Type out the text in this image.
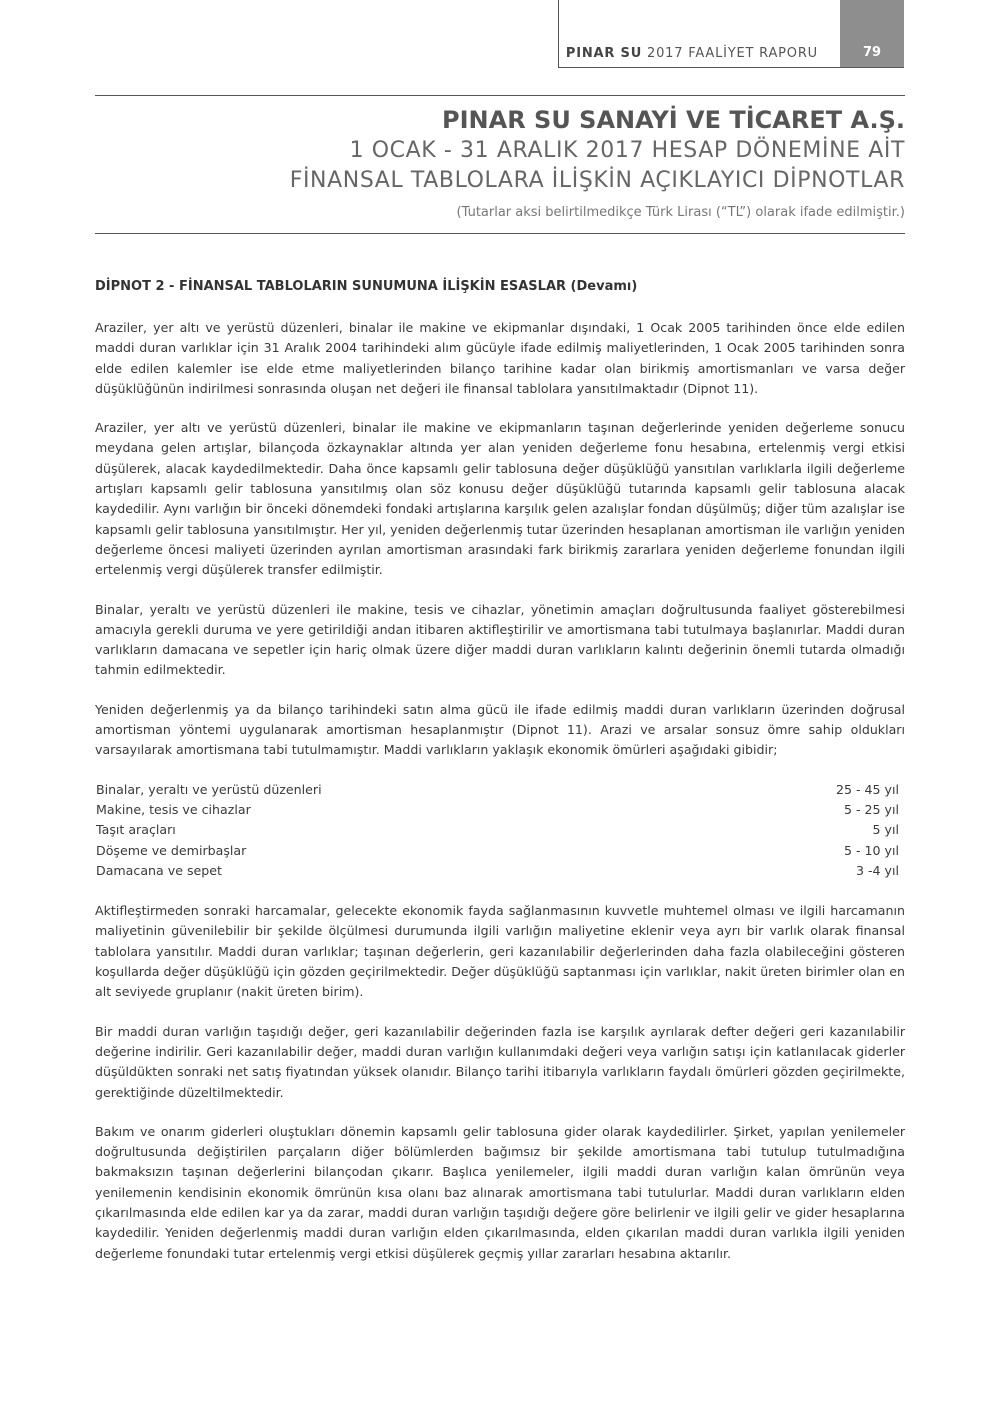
PINAR SU 2017 FAALİYET RAPORU	79
PINAR SU SANAYİ VE TİCARET A.Ş.
1 OCAK - 31 ARALIK 2017 HESAP DÖNEMİNE AİT
FİNANSAL TABLOLARA İLİŞKİN AÇIKLAYICI DİPNOTLAR
(Tutarlar aksi belirtilmedikçe Türk Lirası (“TL”) olarak ifade edilmiştir.)
DİPNOT 2 - FİNANSAL TABLOLARIN SUNUMUNA İLİŞKİN ESASLAR (Devamı)

Araziler, yer altı ve yerüstü düzenleri, binalar ile makine ve ekipmanlar dışındaki, 1 Ocak 2005 tarihinden önce elde edilen maddi duran varlıklar için 31 Aralık 2004 tarihindeki alım gücüyle ifade edilmiş maliyetlerinden, 1 Ocak 2005 tarihinden sonra elde edilen kalemler ise elde etme maliyetlerinden bilanço tarihine kadar olan birikmiş amortismanları ve varsa değer düşüklüğünün indirilmesi sonrasında oluşan net değeri ile finansal tablolara yansıtılmaktadır (Dipnot 11).

Araziler, yer altı ve yerüstü düzenleri, binalar ile makine ve ekipmanların taşınan değerlerinde yeniden değerleme sonucu meydana gelen artışlar, bilançoda özkaynaklar altında yer alan yeniden değerleme fonu hesabına, ertelenmiş vergi etkisi düşülerek, alacak kaydedilmektedir. Daha önce kapsamlı gelir tablosuna değer düşüklüğü yansıtılan varlıklarla ilgili değerleme artışları kapsamlı gelir tablosuna yansıtılmış olan söz konusu değer düşüklüğü tutarında kapsamlı gelir tablosuna alacak kaydedilir. Aynı varlığın bir önceki dönemdeki fondaki artışlarına karşılık gelen azalışlar fondan düşülmüş; diğer tüm azalışlar ise kapsamlı gelir tablosuna yansıtılmıştır. Her yıl, yeniden değerlenmiş tutar üzerinden hesaplanan amortisman ile varlığın yeniden değerleme öncesi maliyeti üzerinden ayrılan amortisman arasındaki fark birikmiş zararlara yeniden değerleme fonundan ilgili ertelenmiş vergi düşülerek transfer edilmiştir.

Binalar, yeraltı ve yerüstü düzenleri ile makine, tesis ve cihazlar, yönetimin amaçları doğrultusunda faaliyet gösterebilmesi amacıyla gerekli duruma ve yere getirildiği andan itibaren aktifleştirilir ve amortismana tabi tutulmaya başlanırlar. Maddi duran varlıkların damacana ve sepetler için hariç olmak üzere diğer maddi duran varlıkların kalıntı değerinin önemli tutarda olmadığı tahmin edilmektedir.

Yeniden değerlenmiş ya da bilanço tarihindeki satın alma gücü ile ifade edilmiş maddi duran varlıkların üzerinden doğrusal amortisman yöntemi uygulanarak amortisman hesaplanmıştır (Dipnot 11). Arazi ve arsalar sonsuz ömre sahip oldukları varsayılarak amortismana tabi tutulmamıştır. Maddi varlıkların yaklaşık ekonomik ömürleri aşağıdaki gibidir;

Binalar, yeraltı ve yerüstü düzenleri	25 - 45 yıl
Makine, tesis ve cihazlar	5 - 25 yıl
Taşıt araçları	5 yıl
Döşeme ve demirbaşlar	5 - 10 yıl
Damacana ve sepet	3 -4 yıl

Aktifleştirmeden sonraki harcamalar, gelecekte ekonomik fayda sağlanmasının kuvvetle muhtemel olması ve ilgili harcamanın maliyetinin güvenilebilir bir şekilde ölçülmesi durumunda ilgili varlığın maliyetine eklenir veya ayrı bir varlık olarak finansal tablolara yansıtılır. Maddi duran varlıklar; taşınan değerlerin, geri kazanılabilir değerlerinden daha fazla olabileceğini gösteren koşullarda değer düşüklüğü için gözden geçirilmektedir. Değer düşüklüğü saptanması için varlıklar, nakit üreten birimler olan en alt seviyede gruplanır (nakit üreten birim).

Bir maddi duran varlığın taşıdığı değer, geri kazanılabilir değerinden fazla ise karşılık ayrılarak defter değeri geri kazanılabilir değerine indirilir. Geri kazanılabilir değer, maddi duran varlığın kullanımdaki değeri veya varlığın satışı için katlanılacak giderler düşüldükten sonraki net satış fiyatından yüksek olanıdır. Bilanço tarihi itibarıyla varlıkların faydalı ömürleri gözden geçirilmekte, gerektiğinde düzeltilmektedir.

Bakım ve onarım giderleri oluştukları dönemin kapsamlı gelir tablosuna gider olarak kaydedilirler. Şirket, yapılan yenilemeler doğrultusunda değiştirilen parçaların diğer bölümlerden bağımsız bir şekilde amortismana tabi tutulup tutulmadığına bakmaksızın taşınan değerlerini bilançodan çıkarır. Başlıca yenilemeler, ilgili maddi duran varlığın kalan ömrünün veya yenilemenin kendisinin ekonomik ömrünün kısa olanı baz alınarak amortismana tabi tutulurlar. Maddi duran varlıkların elden çıkarılmasında elde edilen kar ya da zarar, maddi duran varlığın taşıdığı değere göre belirlenir ve ilgili gelir ve gider hesaplarına kaydedilir. Yeniden değerlenmiş maddi duran varlığın elden çıkarılmasında, elden çıkarılan maddi duran varlıkla ilgili yeniden değerleme fonundaki tutar ertelenmiş vergi etkisi düşülerek geçmiş yıllar zararları hesabına aktarılır.
